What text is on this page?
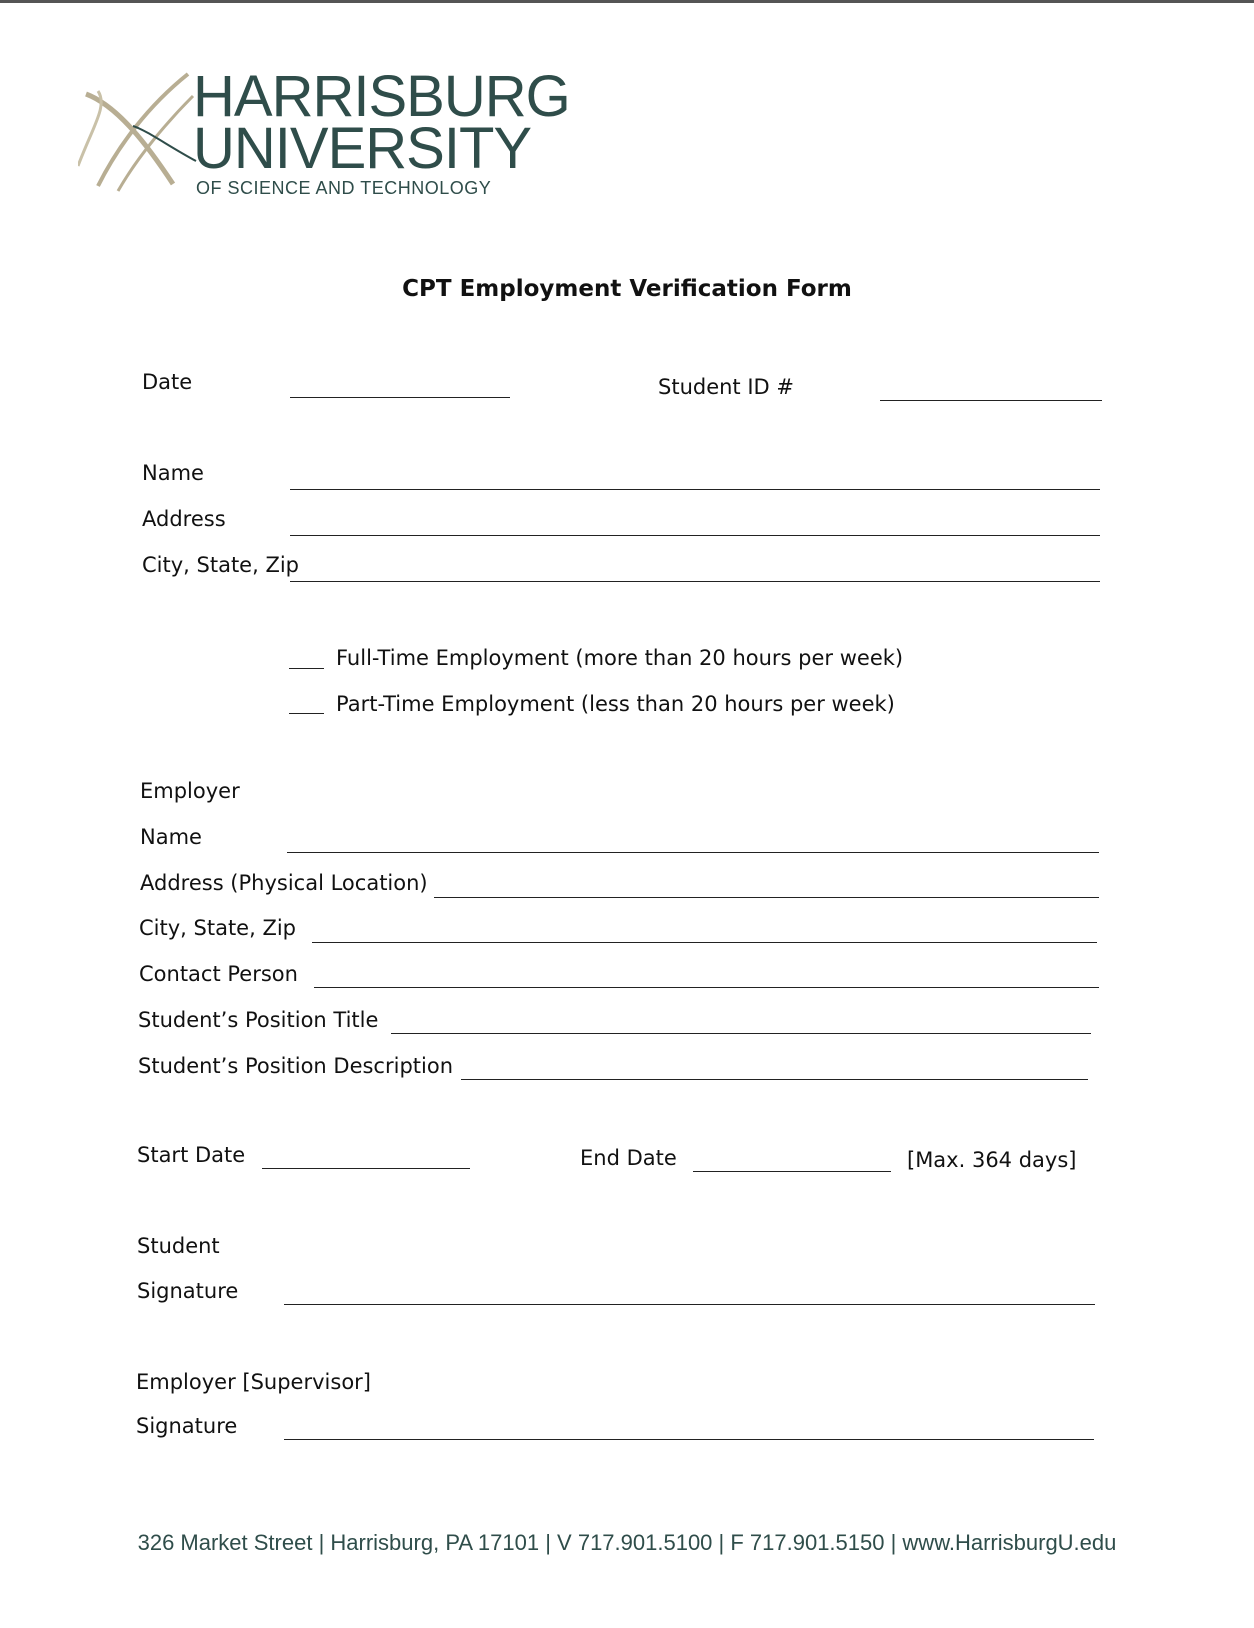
HARRISBURG
UNIVERSITY
OF SCIENCE AND TECHNOLOGY
CPT Employment Verification Form
Date	Student ID #
Name
Address
City, State, Zip
Full-Time Employment (more than 20 hours per week)
Part-Time Employment (less than 20 hours per week)
Employer
Name
Address (Physical Location)
City, State, Zip
Contact Person
Student’s Position Title
Student’s Position Description
Start Date	End Date	[Max. 364 days]
Student
Signature
Employer [Supervisor]
Signature
326 Market Street | Harrisburg, PA 17101 | V 717.901.5100 | F 717.901.5150 | www.HarrisburgU.edu
